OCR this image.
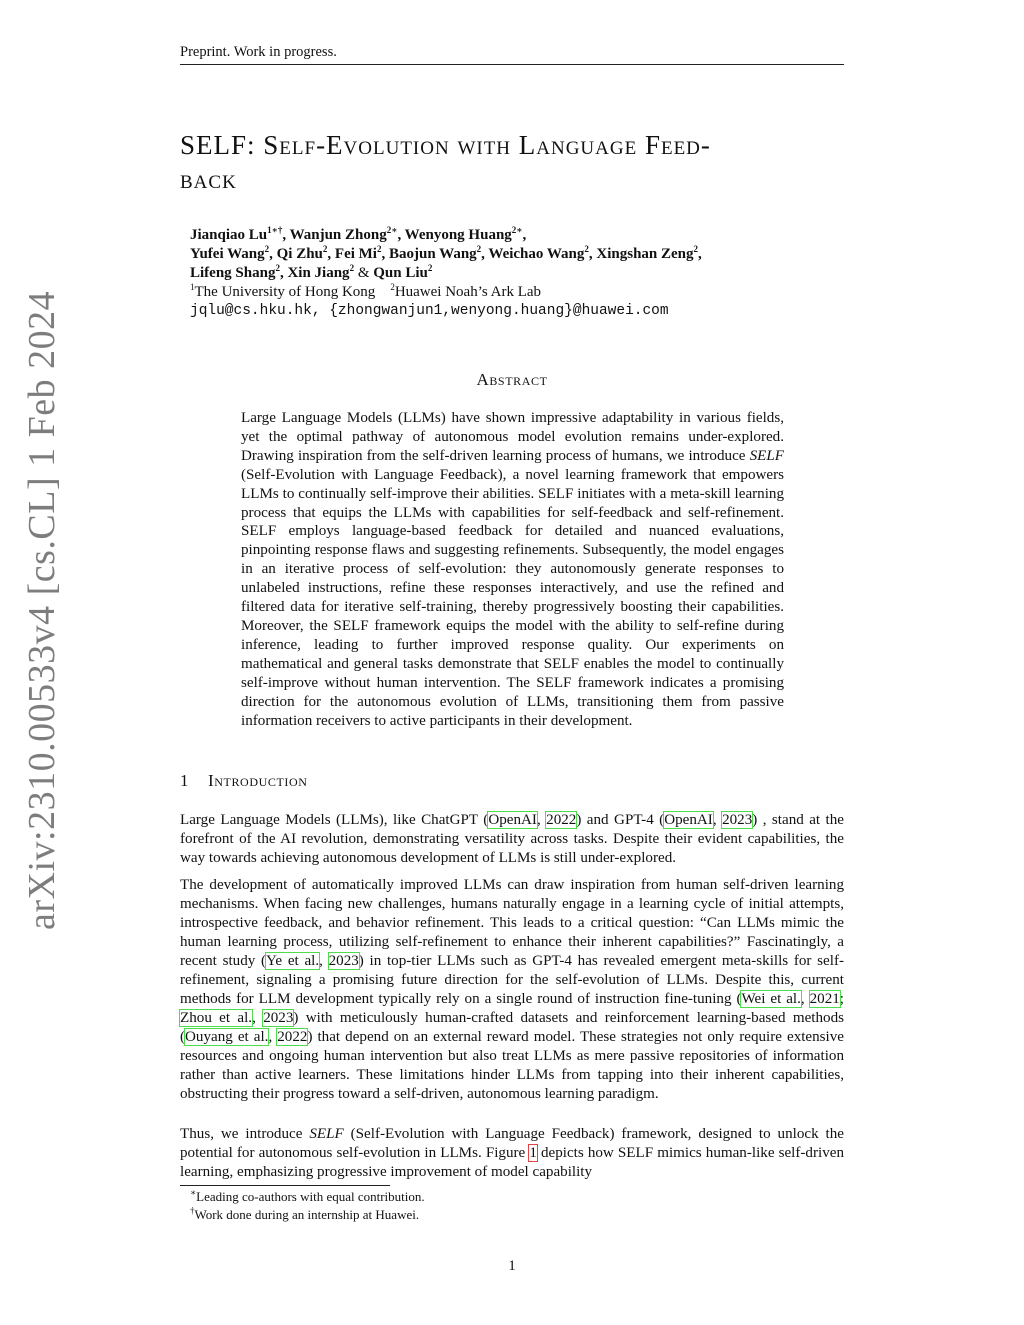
Preprint. Work in progress.
arXiv:2310.00533v4 [cs.CL] 1 Feb 2024
SELF: Self-Evolution with Language Feed-
back
Jianqiao $Lu^{1∗\dagger}$, Wanjun Zhong$^{2∗}$, Wenyong Huang$^{2∗}$,
Yufei Wang$^2$, Qi Zhu$^2$, Fei Mi$^2$, Baojun Wang$^2$, Weichao Wang$^2$, Xingshan Zeng$^2$,
Lifeng Shang$^2$, Xin Jiang$^2$ & Qun Liu$^2$
$^1$The University of Hong Kong $^2$Huawei Noah’s Ark Lab
jqlu@cs.hku.hk, {zhongwanjun1,wenyong.huang}@huawei.com
Abstract
Large Language Models (LLMs) have shown impressive adaptability in various fields, yet the optimal pathway of autonomous model evolution remains under-explored. Drawing inspiration from the self-driven learning process of humans, we introduce SELF (Self-Evolution with Language Feedback), a novel learning framework that empowers LLMs to continually self-improve their abilities. SELF initiates with a meta-skill learning process that equips the LLMs with capabilities for self-feedback and self-refinement. SELF employs language-based feedback for detailed and nuanced evaluations, pinpointing response flaws and suggesting refinements. Subsequently, the model engages in an iterative process of self-evolution: they autonomously generate responses to unlabeled instructions, refine these responses interactively, and use the refined and filtered data for iterative self-training, thereby progressively boosting their capabilities. Moreover, the SELF framework equips the model with the ability to self-refine during inference, leading to further improved response quality. Our experiments on mathematical and general tasks demonstrate that SELF enables the model to continually self-improve without human intervention. The SELF framework indicates a promising direction for the autonomous evolution of LLMs, transitioning them from passive information receivers to active participants in their development.
1 Introduction

Large Language Models (LLMs), like ChatGPT (OpenAI, 2022) and GPT-4 (OpenAI, 2023) , stand at the forefront of the AI revolution, demonstrating versatility across tasks. Despite their evident capabilities, the way towards achieving autonomous development of LLMs is still under-explored.

The development of automatically improved LLMs can draw inspiration from human self-driven learning mechanisms. When facing new challenges, humans naturally engage in a learning cycle of initial attempts, introspective feedback, and behavior refinement. This leads to a critical question: “Can LLMs mimic the human learning process, utilizing self-refinement to enhance their inherent capabilities?” Fascinatingly, a recent study (Ye et al., 2023) in top-tier LLMs such as GPT-4 has revealed emergent meta-skills for self-refinement, signaling a promising future direction for the self-evolution of LLMs. Despite this, current methods for LLM development typically rely on a single round of instruction fine-tuning (Wei et al., 2021; Zhou et al., 2023) with meticulously human-crafted datasets and reinforcement learning-based methods (Ouyang et al., 2022) that depend on an external reward model. These strategies not only require extensive resources and ongoing human intervention but also treat LLMs as mere passive repositories of information rather than active learners. These limitations hinder LLMs from tapping into their inherent capabilities, obstructing their progress toward a self-driven, autonomous learning paradigm.

Thus, we introduce SELF (Self-Evolution with Language Feedback) framework, designed to unlock the potential for autonomous self-evolution in LLMs. Figure 1 depicts how SELF mimics human-like self-driven learning, emphasizing progressive improvement of model capability

∗Leading co-authors with equal contribution.
†Work done during an internship at Huawei.
1
